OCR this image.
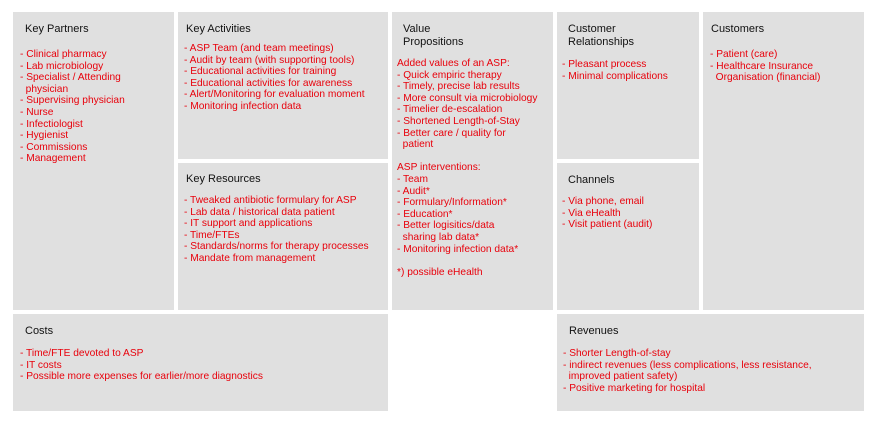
Key Partners
- Clinical pharmacy
- Lab microbiology
- Specialist / Attending
physician
- Supervising physician
- Nurse
- Infectiologist
- Hygienist
- Commissions
- Management
Key Activities
- ASP Team (and team meetings)
- Audit by team (with supporting tools)
- Educational activities for training
- Educational activities for awareness
- Alert/Monitoring for evaluation moment
- Monitoring infection data
Key Resources
- Tweaked antibiotic formulary for ASP
- Lab data / historical data patient
- IT support and applications
- Time/FTEs
- Standards/norms for therapy processes
- Mandate from management
Value
Propositions
Added values of an ASP:
- Quick empiric therapy
- Timely, precise lab results
- More consult via microbiology
- Timelier de-escalation
- Shortened Length-of-Stay
- Better care / quality for
patient

ASP interventions:
- Team
- Audit*
- Formulary/Information*
- Education*
- Better logisitics/data
sharing lab data*
- Monitoring infection data*

*) possible eHealth
Customer
Relationships
- Pleasant process
- Minimal complications
Channels
- Via phone, email
- Via eHealth
- Visit patient (audit)
Customers
- Patient (care)
- Healthcare Insurance
Organisation (financial)
Costs
- Time/FTE devoted to ASP
- IT costs
- Possible more expenses for earlier/more diagnostics
Revenues
- Shorter Length-of-stay
- indirect revenues (less complications, less resistance,
improved patient safety)
- Positive marketing for hospital
